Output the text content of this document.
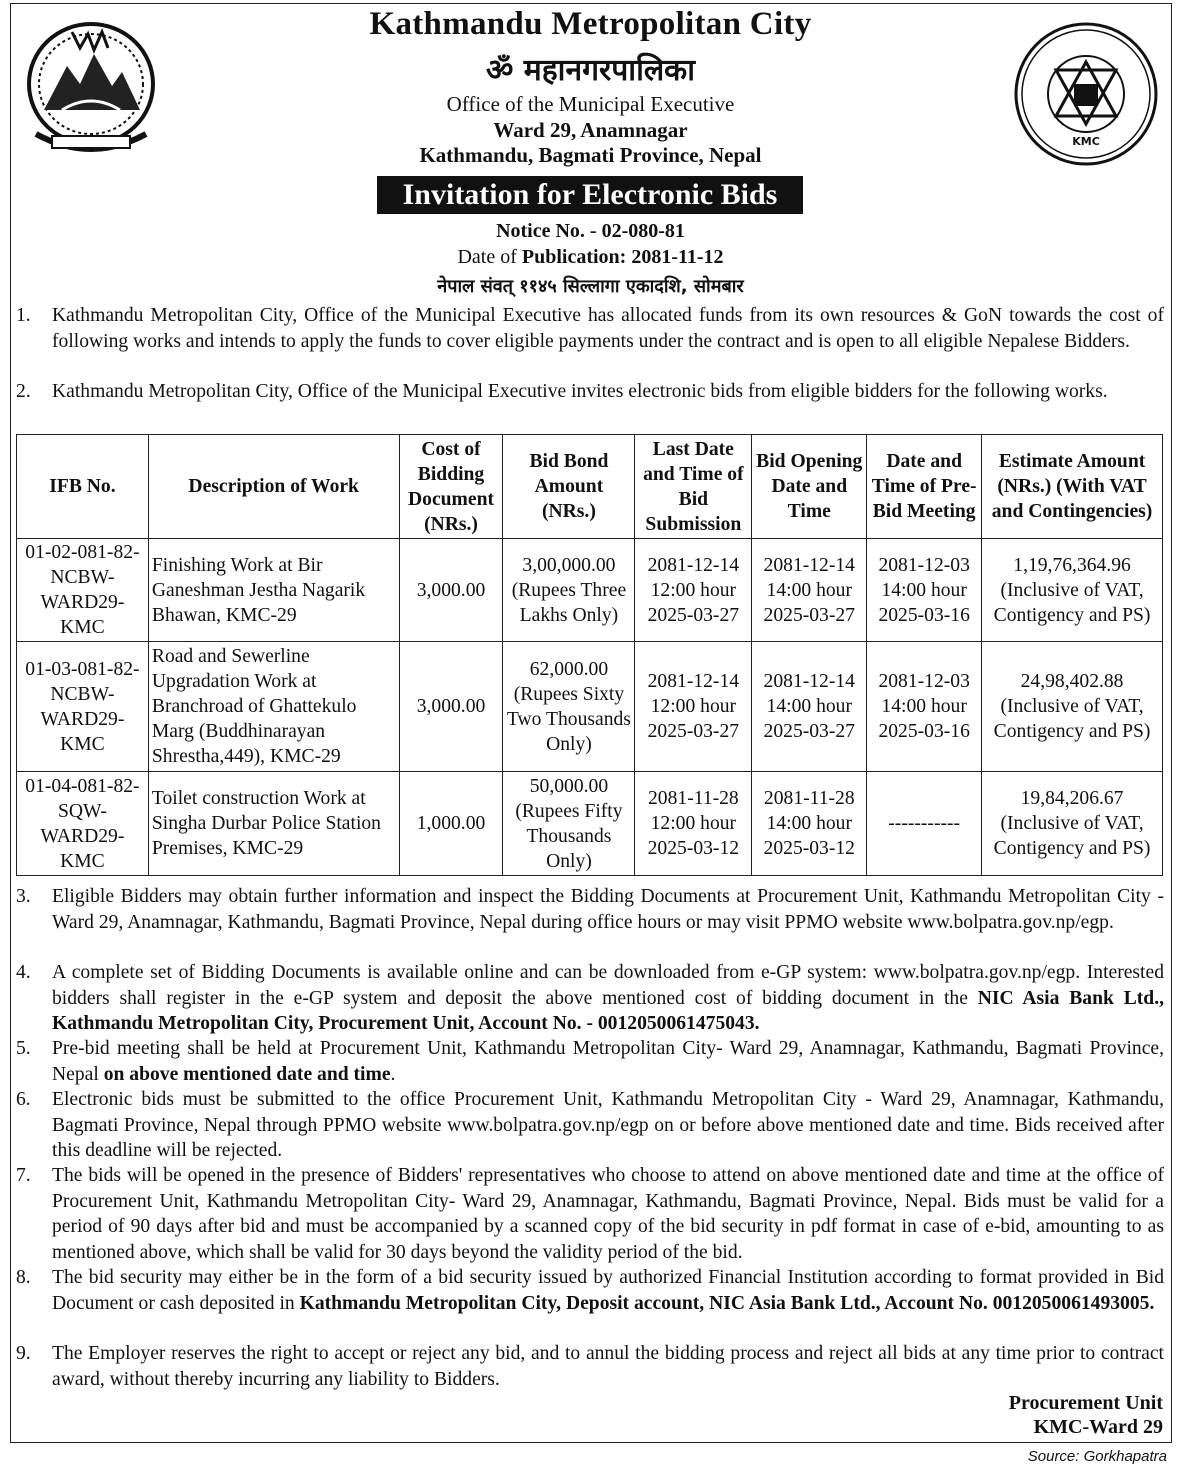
KMC
Kathmandu Metropolitan City
ॐ महानगरपालिका
Office of the Municipal Executive
Ward 29, Anamnagar
Kathmandu, Bagmati Province, Nepal
Invitation for Electronic Bids
Notice No. - 02-080-81
Date of Publication: 2081-11-12
नेपाल संवत् ११४५ सिल्लागा एकादशि, सोमबार
1.	Kathmandu Metropolitan City, Office of the Municipal Executive has allocated funds from its own resources & GoN towards the cost of following works and intends to apply the funds to cover eligible payments under the contract and is open to all eligible Nepalese Bidders.
2.	Kathmandu Metropolitan City, Office of the Municipal Executive invites electronic bids from eligible bidders for the following works.
IFB No.	Description of Work	Cost of Bidding Document (NRs.)	Bid Bond Amount (NRs.)	Last Date and Time of Bid Submission	Bid Opening Date and Time	Date and Time of Pre-Bid Meeting	Estimate Amount (NRs.) (With VAT and Contingencies)
01-02-081-82-NCBW-WARD29-KMC	Finishing Work at Bir Ganeshman Jestha Nagarik Bhawan, KMC-29	3,000.00	3,00,000.00
(Rupees Three Lakhs Only)	2081-12-14
12:00 hour
2025-03-27	2081-12-14
14:00 hour
2025-03-27	2081-12-03
14:00 hour
2025-03-16	1,19,76,364.96
(Inclusive of VAT, Contigency and PS)
01-03-081-82-NCBW-WARD29-KMC	Road and Sewerline Upgradation Work at Branchroad of Ghattekulo Marg (Buddhinarayan Shrestha,449), KMC-29	3,000.00	62,000.00
(Rupees Sixty Two Thousands Only)	2081-12-14
12:00 hour
2025-03-27	2081-12-14
14:00 hour
2025-03-27	2081-12-03
14:00 hour
2025-03-16	24,98,402.88
(Inclusive of VAT, Contigency and PS)
01-04-081-82-SQW-WARD29-KMC	Toilet construction Work at Singha Durbar Police Station Premises, KMC-29	1,000.00	50,000.00
(Rupees Fifty Thousands Only)	2081-11-28
12:00 hour
2025-03-12	2081-11-28
14:00 hour
2025-03-12	-----------	19,84,206.67
(Inclusive of VAT, Contigency and PS)
3.	Eligible Bidders may obtain further information and inspect the Bidding Documents at Procurement Unit, Kathmandu Metropolitan City - Ward 29, Anamnagar, Kathmandu, Bagmati Province, Nepal during office hours or may visit PPMO website www.bolpatra.gov.np/egp.
4.	A complete set of Bidding Documents is available online and can be downloaded from e-GP system: www.bolpatra.gov.np/egp. Interested bidders shall register in the e-GP system and deposit the above mentioned cost of bidding document in the NIC Asia Bank Ltd., Kathmandu Metropolitan City, Procurement Unit, Account No. - 0012050061475043.
5.	Pre-bid meeting shall be held at Procurement Unit, Kathmandu Metropolitan City- Ward 29, Anamnagar, Kathmandu, Bagmati Province, Nepal on above mentioned date and time.
6.	Electronic bids must be submitted to the office Procurement Unit, Kathmandu Metropolitan City - Ward 29, Anamnagar, Kathmandu, Bagmati Province, Nepal through PPMO website www.bolpatra.gov.np/egp on or before above mentioned date and time. Bids received after this deadline will be rejected.
7.	The bids will be opened in the presence of Bidders' representatives who choose to attend on above mentioned date and time at the office of Procurement Unit, Kathmandu Metropolitan City- Ward 29, Anamnagar, Kathmandu, Bagmati Province, Nepal. Bids must be valid for a period of 90 days after bid and must be accompanied by a scanned copy of the bid security in pdf format in case of e-bid, amounting to as mentioned above, which shall be valid for 30 days beyond the validity period of the bid.
8.	The bid security may either be in the form of a bid security issued by authorized Financial Institution according to format provided in Bid Document or cash deposited in Kathmandu Metropolitan City, Deposit account, NIC Asia Bank Ltd., Account No. 0012050061493005.
9.	The Employer reserves the right to accept or reject any bid, and to annul the bidding process and reject all bids at any time prior to contract award, without thereby incurring any liability to Bidders.
Procurement Unit
KMC-Ward 29
Source: Gorkhapatra
